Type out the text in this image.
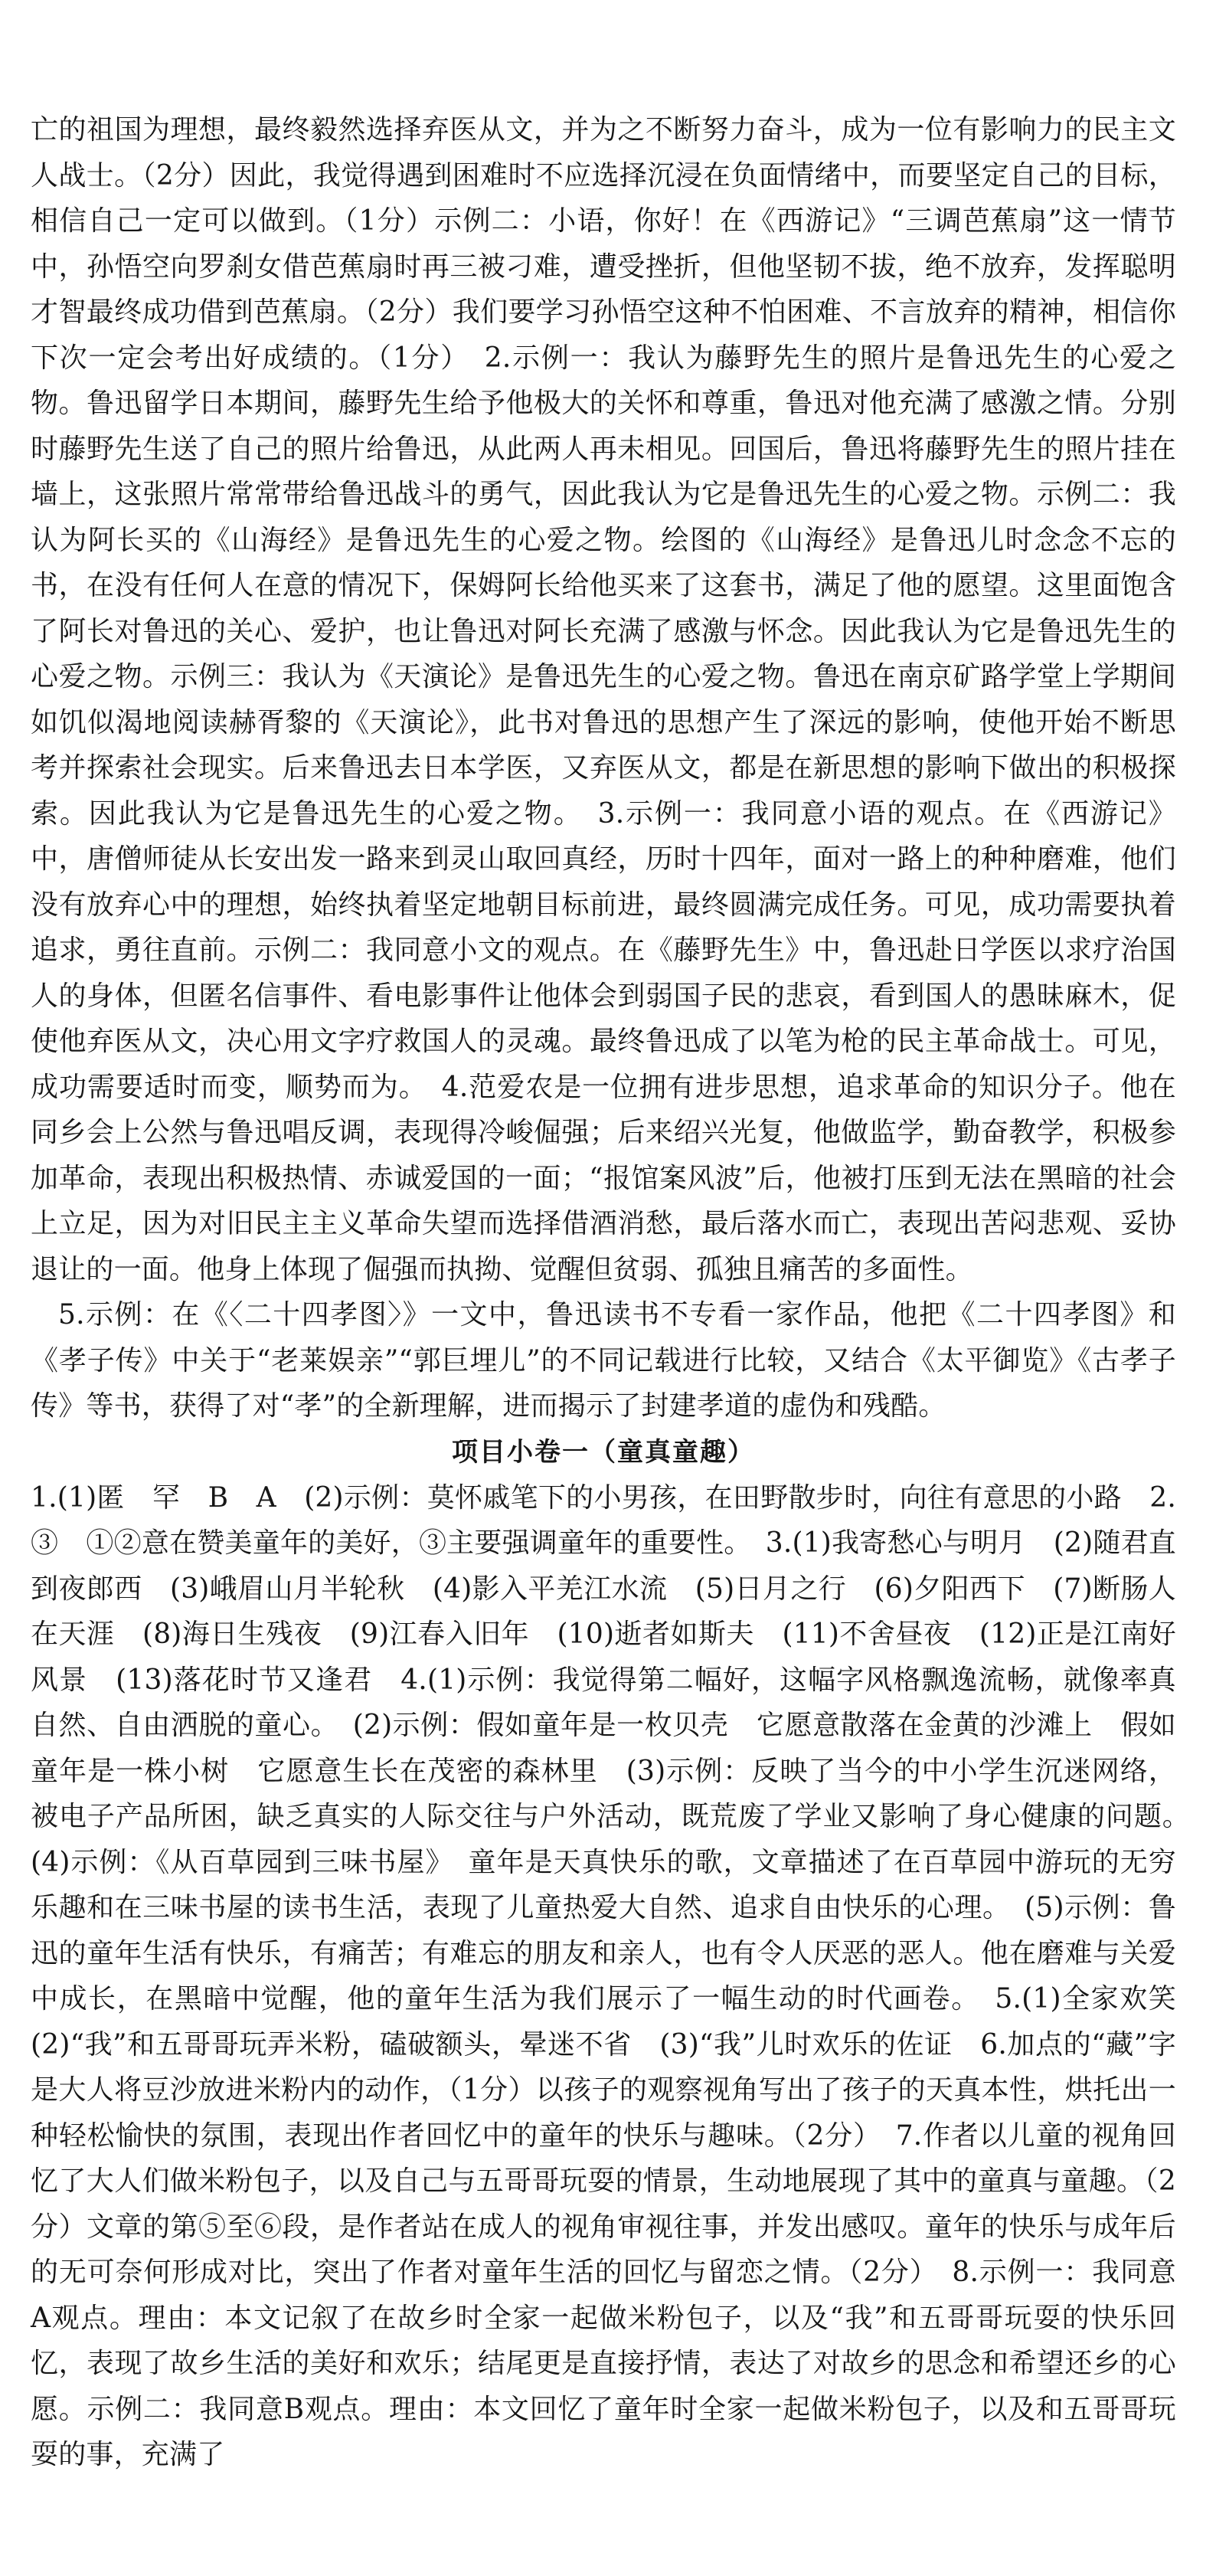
亡的祖国为理想，最终毅然选择弃医从文，并为之不断努力奋斗，成为一位有影响力的民主文人战士。（2分）因此，我觉得遇到困难时不应选择沉浸在负面情绪中，而要坚定自己的目标，相信自己一定可以做到。（1分）示例二：小语，你好！在《西游记》“三调芭蕉扇”这一情节中，孙悟空向罗刹女借芭蕉扇时再三被刁难，遭受挫折，但他坚韧不拔，绝不放弃，发挥聪明才智最终成功借到芭蕉扇。（2分）我们要学习孙悟空这种不怕困难、不言放弃的精神，相信你下次一定会考出好成绩的。（1分）　2.示例一：我认为藤野先生的照片是鲁迅先生的心爱之物。鲁迅留学日本期间，藤野先生给予他极大的关怀和尊重，鲁迅对他充满了感激之情。分别时藤野先生送了自己的照片给鲁迅，从此两人再未相见。回国后，鲁迅将藤野先生的照片挂在墙上，这张照片常常带给鲁迅战斗的勇气，因此我认为它是鲁迅先生的心爱之物。示例二：我认为阿长买的《山海经》是鲁迅先生的心爱之物。绘图的《山海经》是鲁迅儿时念念不忘的书，在没有任何人在意的情况下，保姆阿长给他买来了这套书，满足了他的愿望。这里面饱含了阿长对鲁迅的关心、爱护，也让鲁迅对阿长充满了感激与怀念。因此我认为它是鲁迅先生的心爱之物。示例三：我认为《天演论》是鲁迅先生的心爱之物。鲁迅在南京矿路学堂上学期间如饥似渴地阅读赫胥黎的《天演论》，此书对鲁迅的思想产生了深远的影响，使他开始不断思考并探索社会现实。后来鲁迅去日本学医，又弃医从文，都是在新思想的影响下做出的积极探索。因此我认为它是鲁迅先生的心爱之物。　3.示例一：我同意小语的观点。在《西游记》中，唐僧师徒从长安出发一路来到灵山取回真经，历时十四年，面对一路上的种种磨难，他们没有放弃心中的理想，始终执着坚定地朝目标前进，最终圆满完成任务。可见，成功需要执着追求，勇往直前。示例二：我同意小文的观点。在《藤野先生》中，鲁迅赴日学医以求疗治国人的身体，但匿名信事件、看电影事件让他体会到弱国子民的悲哀，看到国人的愚昧麻木，促使他弃医从文，决心用文字疗救国人的灵魂。最终鲁迅成了以笔为枪的民主革命战士。可见，成功需要适时而变，顺势而为。　4.范爱农是一位拥有进步思想，追求革命的知识分子。他在同乡会上公然与鲁迅唱反调，表现得冷峻倔强；后来绍兴光复，他做监学，勤奋教学，积极参加革命，表现出积极热情、赤诚爱国的一面；“报馆案风波”后，他被打压到无法在黑暗的社会上立足，因为对旧民主主义革命失望而选择借酒消愁，最后落水而亡，表现出苦闷悲观、妥协退让的一面。他身上体现了倔强而执拗、觉醒但贫弱、孤独且痛苦的多面性。

5.示例：在《〈二十四孝图〉》一文中，鲁迅读书不专看一家作品，他把《二十四孝图》和《孝子传》中关于“老莱娱亲”“郭巨埋儿”的不同记载进行比较，又结合《太平御览》《古孝子传》等书，获得了对“孝”的全新理解，进而揭示了封建孝道的虚伪和残酷。

项目小卷一（童真童趣）

1.(1)匿　罕　B　A　(2)示例：莫怀戚笔下的小男孩，在田野散步时，向往有意思的小路　2.③　①②意在赞美童年的美好，③主要强调童年的重要性。　3.(1)我寄愁心与明月　(2)随君直到夜郎西　(3)峨眉山月半轮秋　(4)影入平羌江水流　(5)日月之行　(6)夕阳西下　(7)断肠人在天涯　(8)海日生残夜　(9)江春入旧年　(10)逝者如斯夫　(11)不舍昼夜　(12)正是江南好风景　(13)落花时节又逢君　4.(1)示例：我觉得第二幅好，这幅字风格飘逸流畅，就像率真自然、自由洒脱的童心。　(2)示例：假如童年是一枚贝壳　它愿意散落在金黄的沙滩上　假如童年是一株小树　它愿意生长在茂密的森林里　(3)示例：反映了当今的中小学生沉迷网络，被电子产品所困，缺乏真实的人际交往与户外活动，既荒废了学业又影响了身心健康的问题。　(4)示例：《从百草园到三味书屋》　童年是天真快乐的歌，文章描述了在百草园中游玩的无穷乐趣和在三味书屋的读书生活，表现了儿童热爱大自然、追求自由快乐的心理。　(5)示例：鲁迅的童年生活有快乐，有痛苦；有难忘的朋友和亲人，也有令人厌恶的恶人。他在磨难与关爱中成长，在黑暗中觉醒，他的童年生活为我们展示了一幅生动的时代画卷。　5.(1)全家欢笑　(2)“我”和五哥哥玩弄米粉，磕破额头，晕迷不省　(3)“我”儿时欢乐的佐证　6.加点的“藏”字是大人将豆沙放进米粉内的动作，（1分）以孩子的观察视角写出了孩子的天真本性，烘托出一种轻松愉快的氛围，表现出作者回忆中的童年的快乐与趣味。（2分）　7.作者以儿童的视角回忆了大人们做米粉包子，以及自己与五哥哥玩耍的情景，生动地展现了其中的童真与童趣。（2分）文章的第⑤至⑥段，是作者站在成人的视角审视往事，并发出感叹。童年的快乐与成年后的无可奈何形成对比，突出了作者对童年生活的回忆与留恋之情。（2分）　8.示例一：我同意A观点。理由：本文记叙了在故乡时全家一起做米粉包子，以及“我”和五哥哥玩耍的快乐回忆，表现了故乡生活的美好和欢乐；结尾更是直接抒情，表达了对故乡的思念和希望还乡的心愿。示例二：我同意B观点。理由：本文回忆了童年时全家一起做米粉包子，以及和五哥哥玩耍的事，充满了
